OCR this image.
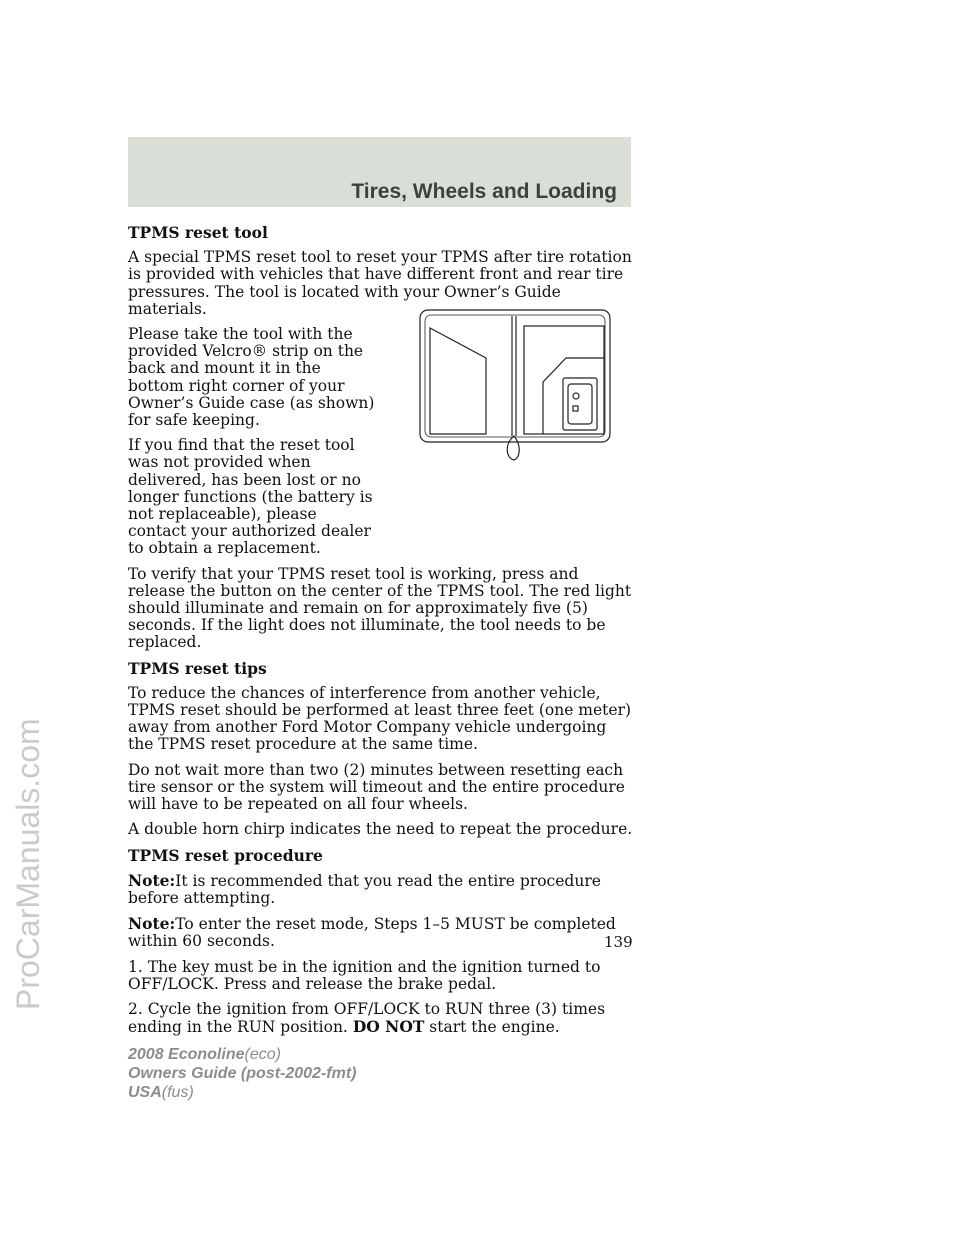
Tires, Wheels and Loading
ProCarManuals.com
TPMS reset tool

A special TPMS reset tool to reset your TPMS after tire rotation is provided with vehicles that have different front and rear tire pressures. The tool is located with your Owner’s Guide materials.

Please take the tool with the provided Velcro® strip on the back and mount it in the bottom right corner of your Owner’s Guide case (as shown) for safe keeping.

If you find that the reset tool was not provided when delivered, has been lost or no longer functions (the battery is not replaceable), please contact your authorized dealer to obtain a replacement.

To verify that your TPMS reset tool is working, press and release the button on the center of the TPMS tool. The red light should illuminate and remain on for approximately five (5) seconds. If the light does not illuminate, the tool needs to be replaced.

TPMS reset tips

To reduce the chances of interference from another vehicle, TPMS reset should be performed at least three feet (one meter) away from another Ford Motor Company vehicle undergoing the TPMS reset procedure at the same time.

Do not wait more than two (2) minutes between resetting each tire sensor or the system will timeout and the entire procedure will have to be repeated on all four wheels.

A double horn chirp indicates the need to repeat the procedure.

TPMS reset procedure

Note:It is recommended that you read the entire procedure before attempting.

Note:To enter the reset mode, Steps 1–5 MUST be completed within 60 seconds.

1. The key must be in the ignition and the ignition turned to OFF/LOCK. Press and release the brake pedal.

2. Cycle the ignition from OFF/LOCK to RUN three (3) times ending in the RUN position. DO NOT start the engine.

139
2008 Econoline(eco)
Owners Guide (post-2002-fmt)
USA(fus)
